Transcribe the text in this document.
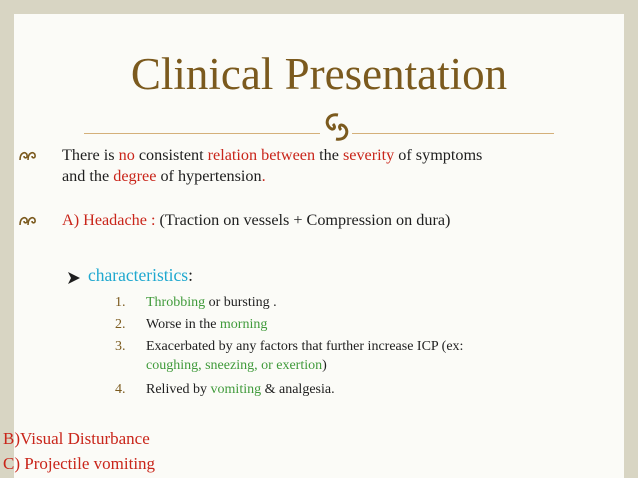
Clinical Presentation
There is no consistent relation between the severity of symptoms
and the degree of hypertension.
A) Headache : (Traction on vessels + Compression on dura)
characteristics:
1. Throbbing or bursting .
2. Worse in the morning
3. Exacerbated by any factors that further increase ICP (ex:
coughing, sneezing, or exertion)
4. Relived by vomiting & analgesia.
B)Visual Disturbance
C) Projectile vomiting
